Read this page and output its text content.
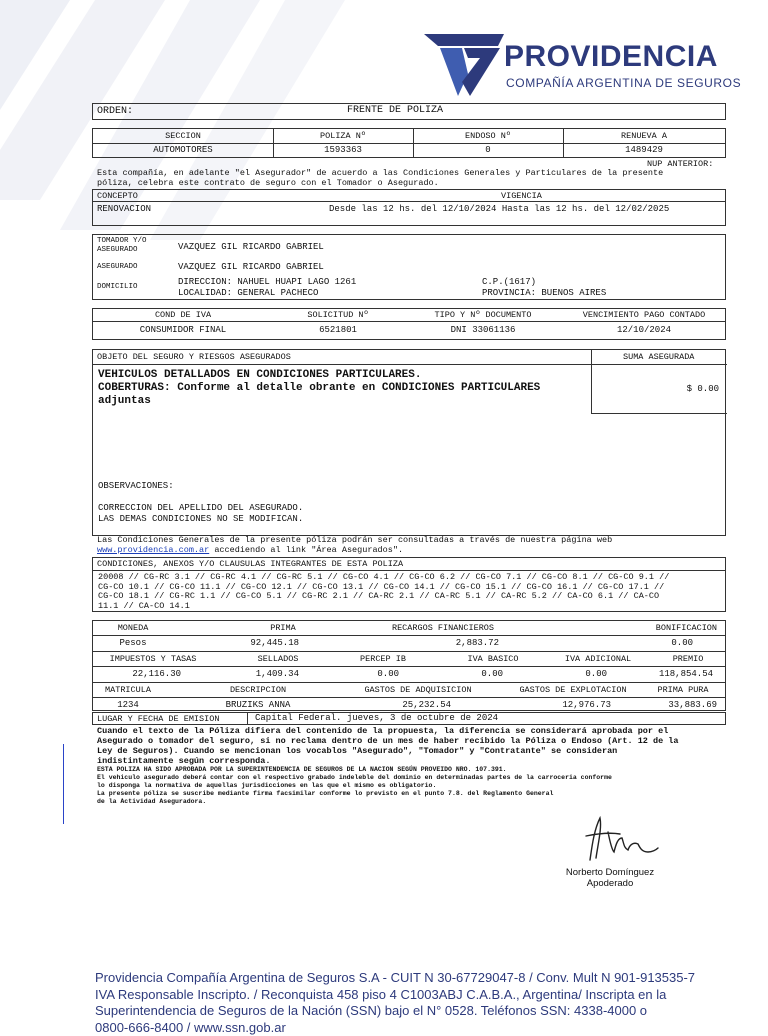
PROVIDENCIA
COMPAÑÍA ARGENTINA DE SEGUROS
ORDEN:	FRENTE DE POLIZA
SECCION	POLIZA Nº	ENDOSO Nº	RENUEVA A
AUTOMOTORES	1593363	0	1489429
NUP ANTERIOR:
Esta compañía, en adelante "el Asegurador" de acuerdo a las Condiciones Generales y Particulares de la presente
póliza, celebra este contrato de seguro con el Tomador o Asegurado.
CONCEPTO	VIGENCIA
RENOVACION	Desde las 12 hs. del 12/10/2024 Hasta las 12 hs. del 12/02/2025
TOMADOR Y/O
ASEGURADO	VAZQUEZ GIL RICARDO GABRIEL
ASEGURADO	VAZQUEZ GIL RICARDO GABRIEL
DOMICILIO	DIRECCION: NAHUEL HUAPI LAGO 1261
LOCALIDAD: GENERAL PACHECO
C.P.(1617)
PROVINCIA: BUENOS AIRES
COND DE IVA	SOLICITUD Nº	TIPO Y Nº DOCUMENTO	VENCIMIENTO PAGO CONTADO
CONSUMIDOR FINAL	6521801	DNI 33061136	12/10/2024
OBJETO DEL SEGURO Y RIESGOS ASEGURADOS	SUMA ASEGURADA
VEHICULOS DETALLADOS EN CONDICIONES PARTICULARES.
COBERTURAS: Conforme al detalle obrante en CONDICIONES PARTICULARES
adjuntas
$ 0.00
OBSERVACIONES:
CORRECCION DEL APELLIDO DEL ASEGURADO.
LAS DEMAS CONDICIONES NO SE MODIFICAN.
Las Condiciones Generales de la presente póliza podrán ser consultadas a través de nuestra página web
www.providencia.com.ar accediendo al link "Área Asegurados".
CONDICIONES, ANEXOS Y/O CLAUSULAS INTEGRANTES DE ESTA POLIZA
20008 // CG-RC 3.1 // CG-RC 4.1 // CG-RC 5.1 // CG-CO 4.1 // CG-CO 6.2 // CG-CO 7.1 // CG-CO 8.1 // CG-CO 9.1 //
CG-CO 10.1 // CG-CO 11.1 // CG-CO 12.1 // CG-CO 13.1 // CG-CO 14.1 // CG-CO 15.1 // CG-CO 16.1 // CG-CO 17.1 //
CG-CO 18.1 // CG-RC 1.1 // CG-CO 5.1 // CG-RC 2.1 // CA-RC 2.1 // CA-RC 5.1 // CA-RC 5.2 // CA-CO 6.1 // CA-CO
11.1 // CA-CO 14.1
MONEDA	PRIMA	RECARGOS FINANCIEROS	BONIFICACION
Pesos	92,445.18	2,883.72	0.00
IMPUESTOS Y TASAS	SELLADOS	PERCEP IB	IVA BASICO	IVA ADICIONAL	PREMIO
22,116.30	1,409.34	0.00	0.00	0.00	118,854.54
MATRICULA	DESCRIPCION	GASTOS DE ADQUISICION	GASTOS DE EXPLOTACION	PRIMA PURA
1234	BRUZIKS ANNA	25,232.54	12,976.73	33,883.69
LUGAR Y FECHA DE EMISION	Capital Federal. jueves, 3 de octubre de 2024
Cuando el texto de la Póliza difiera del contenido de la propuesta, la diferencia se considerará aprobada por el
Asegurado o tomador del seguro, si no reclama dentro de un mes de haber recibido la Póliza o Endoso (Art. 12 de la
Ley de Seguros). Cuando se mencionan los vocablos "Asegurado", "Tomador" y "Contratante" se consideran
indistintamente según corresponda.
ESTA POLIZA HA SIDO APROBADA POR LA SUPERINTENDENCIA DE SEGUROS DE LA NACION SEGÚN PROVEIDO NRO. 107.391.
El vehiculo asegurado deberá contar con el respectivo grabado indeleble del dominio en determinadas partes de la carroceria conforme
lo disponga la normativa de aquellas jurisdicciones en las que el mismo es obligatorio.
La presente póliza se suscribe mediante firma facsimilar conforme lo previsto en el punto 7.8. del Reglamento General
de la Actividad Aseguradora.
Norberto Domínguez
Apoderado
Providencia Compañía Argentina de Seguros S.A - CUIT N 30-67729047-8 / Conv. Mult N 901-913535-7
IVA Responsable Inscripto. / Reconquista 458 piso 4 C1003ABJ C.A.B.A., Argentina/ Inscripta en la
Superintendencia de Seguros de la Nación (SSN) bajo el N° 0528. Teléfonos SSN: 4338-4000 o
0800-666-8400 / www.ssn.gob.ar
